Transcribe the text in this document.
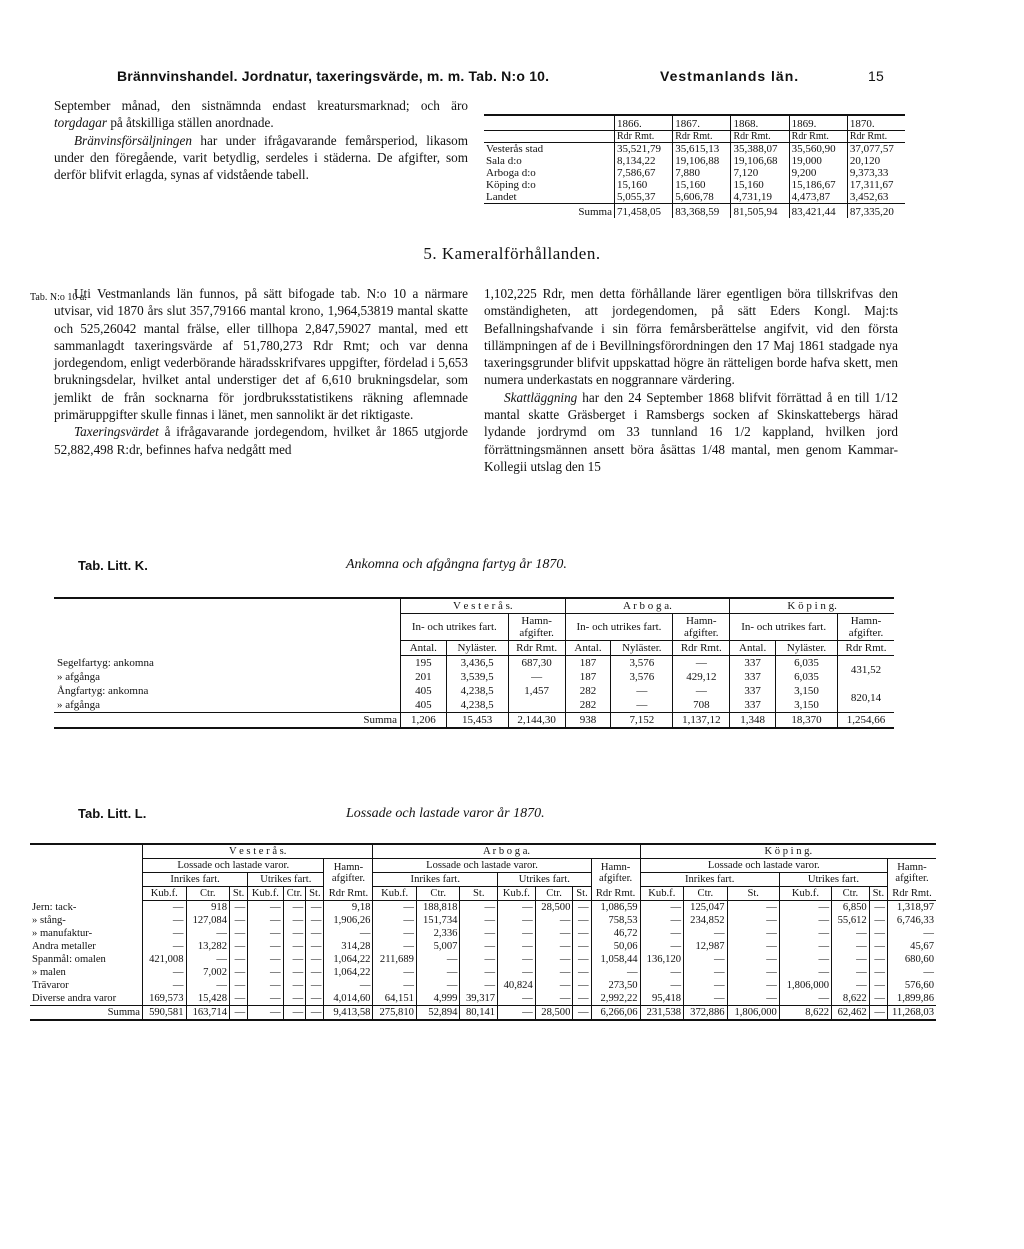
Brännvinshandel. Jordnatur, taxeringsvärde, m. m. Tab. N:o 10.	Vestmanlands län.	15

September månad, den sistnämnda endast kreatursmarknad; och äro torgdagar på åtskilliga ställen anordnade.

Bränvinsförsäljningen har under ifrågavarande femårsperiod, likasom under den föregående, varit betydlig, serdeles i städerna. De afgifter, som derför blifvit erlagda, synas af vidstående tabell.

	1866.	1867.	1868.	1869.	1870.
	Rdr Rmt.	Rdr Rmt.	Rdr Rmt.	Rdr Rmt.	Rdr Rmt.
Vesterås stad	35,521,79	35,615,13	35,388,07	35,560,90	37,077,57
Sala d:o	8,134,22	19,106,88	19,106,68	19,000	20,120
Arboga d:o	7,586,67	7,880	7,120	9,200	9,373,33
Köping d:o	15,160	15,160	15,160	15,186,67	17,311,67
Landet	5,055,37	5,606,78	4,731,19	4,473,87	3,452,63
Summa	71,458,05	83,368,59	81,505,94	83,421,44	87,335,20
5. Kameralförhållanden.
Tab. N:o 10 a.

Uti Vestmanlands län funnos, på sätt bifogade tab. N:o 10 a närmare utvisar, vid 1870 års slut 357,79166 mantal krono, 1,964,53819 mantal skatte och 525,26042 mantal frälse, eller tillhopa 2,847,59027 mantal, med ett sammanlagdt taxeringsvärde af 51,780,273 Rdr Rmt; och var denna jordegendom, enligt vederbörande häradsskrifvares uppgifter, fördelad i 5,653 brukningsdelar, hvilket antal understiger det af 6,610 brukningsdelar, som jemlikt de från socknarna för jordbruksstatistikens räkning aflemnade primäruppgifter skulle finnas i länet, men sannolikt är det riktigaste.

Taxeringsvärdet å ifrågavarande jordegendom, hvilket år 1865 utgjorde 52,882,498 R:dr, befinnes hafva nedgått med

1,102,225 Rdr, men detta förhållande lärer egentligen böra tillskrifvas den omständigheten, att jordegendomen, på sätt Eders Kongl. Maj:ts Befallningshafvande i sin förra femårsberättelse angifvit, vid den första tillämpningen af de i Bevillningsförordningen den 17 Maj 1861 stadgade nya taxeringsgrunder blifvit uppskattad högre än rätteligen borde hafva skett, men numera underkastats en noggrannare värdering.

Skattläggning har den 24 September 1868 blifvit förrättad å en till 1/12 mantal skatte Gräsberget i Ramsbergs socken af Skinskattebergs härad lydande jordrymd om 33 tunnland 16 1/2 kappland, hvilken jord förrättningsmännen ansett böra åsättas 1/48 mantal, men genom Kammar-Kollegii utslag den 15

Tab. Litt. K.	Ankomna och afgångna fartyg år 1870.
	V e s t e r å s.			A r b o g a.			K ö p i n g.		
	In- och utrikes fart.		Hamn-afgifter.	In- och utrikes fart.		Hamn-afgifter.	In- och utrikes fart.		Hamn-afgifter.
	Antal.	Nyläster.	Rdr Rmt.	Antal.	Nyläster.	Rdr Rmt.	Antal.	Nyläster.	Rdr Rmt.
Segelfartyg: ankomna	195	3,436,5	687,30	187	3,576	—	337	6,035	431,52
» afgånga	201	3,539,5	—	187	3,576	429,12	337	6,035	
Ångfartyg: ankomna	405	4,238,5	1,457	282	—	—	337	3,150	820,14
» afgånga	405	4,238,5		282	—	708	337	3,150	
Summa	1,206	15,453	2,144,30	938	7,152	1,137,12	1,348	18,370	1,254,66
Tab. Litt. L.	Lossade och lastade varor år 1870.
	V e s t e r å s.							A r b o g a.							K ö p i n g.						
	Lossade och lastade varor.						Hamn-afgifter.	Lossade och lastade varor.						Hamn-afgifter.	Lossade och lastade varor.						Hamn-afgifter.
	Inrikes fart.			Utrikes fart.				Inrikes fart.			Utrikes fart.				Inrikes fart.			Utrikes fart.			
	Kub.f.	Ctr.	St.	Kub.f.	Ctr.	St.	Rdr Rmt.	Kub.f.	Ctr.	St.	Kub.f.	Ctr.	St.	Rdr Rmt.	Kub.f.	Ctr.	St.	Kub.f.	Ctr.	St.	Rdr Rmt.
Jern: tack-	—	918	—	—	—	—	9,18	—	188,818	—	—	28,500	—	1,086,59	—	125,047	—	—	6,850	—	1,318,97
» stång-	—	127,084	—	—	—	—	1,906,26	—	151,734	—	—	—	—	758,53	—	234,852	—	—	55,612	—	6,746,33
» manufaktur-	—	—	—	—	—	—	—	—	2,336	—	—	—	—	46,72	—	—	—	—	—	—	—
Andra metaller	—	13,282	—	—	—	—	314,28	—	5,007	—	—	—	—	50,06	—	12,987	—	—	—	—	45,67
Spanmål: omalen	421,008	—	—	—	—	—	1,064,22	211,689	—	—	—	—	—	1,058,44	136,120	—	—	—	—	—	680,60
» malen	—	7,002	—	—	—	—	1,064,22	—	—	—	—	—	—	—	—	—	—	—	—	—	—
Trävaror	—	—	—	—	—	—	—	—	—	—	40,824	—	—	273,50	—	—	—	1,806,000	—	—	576,60
Diverse andra varor	169,573	15,428	—	—	—	—	4,014,60	64,151	4,999	39,317	—	—	—	2,992,22	95,418	—	—	—	8,622	—	1,899,86
Summa	590,581	163,714	—	—	—	—	9,413,58	275,810	52,894	80,141	—	28,500	—	6,266,06	231,538	372,886	1,806,000	8,622	62,462	—	11,268,03
